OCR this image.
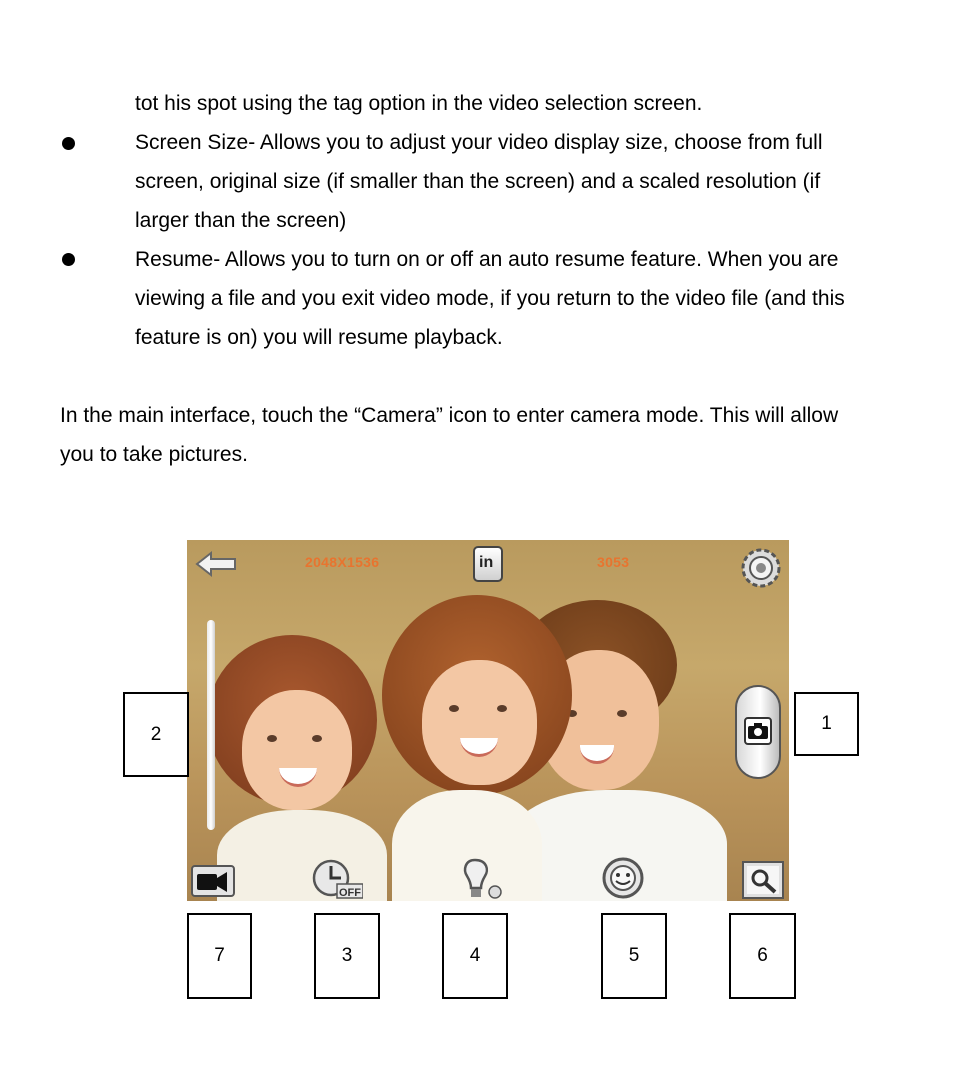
tot his spot using the tag option in the video selection screen.
Screen Size- Allows you to adjust your video display size, choose from full
screen, original size (if smaller than the screen) and a scaled resolution (if
larger than the screen)
Resume- Allows you to turn on or off an auto resume feature. When you are
viewing a file and you exit video mode, if you return to the video file (and this
feature is on) you will resume playback.
In the main interface, touch the “Camera” icon to enter camera mode. This will allow
you to take pictures.
2048X1536	in	3053
OFF
1
2
7	3	4	5	6
